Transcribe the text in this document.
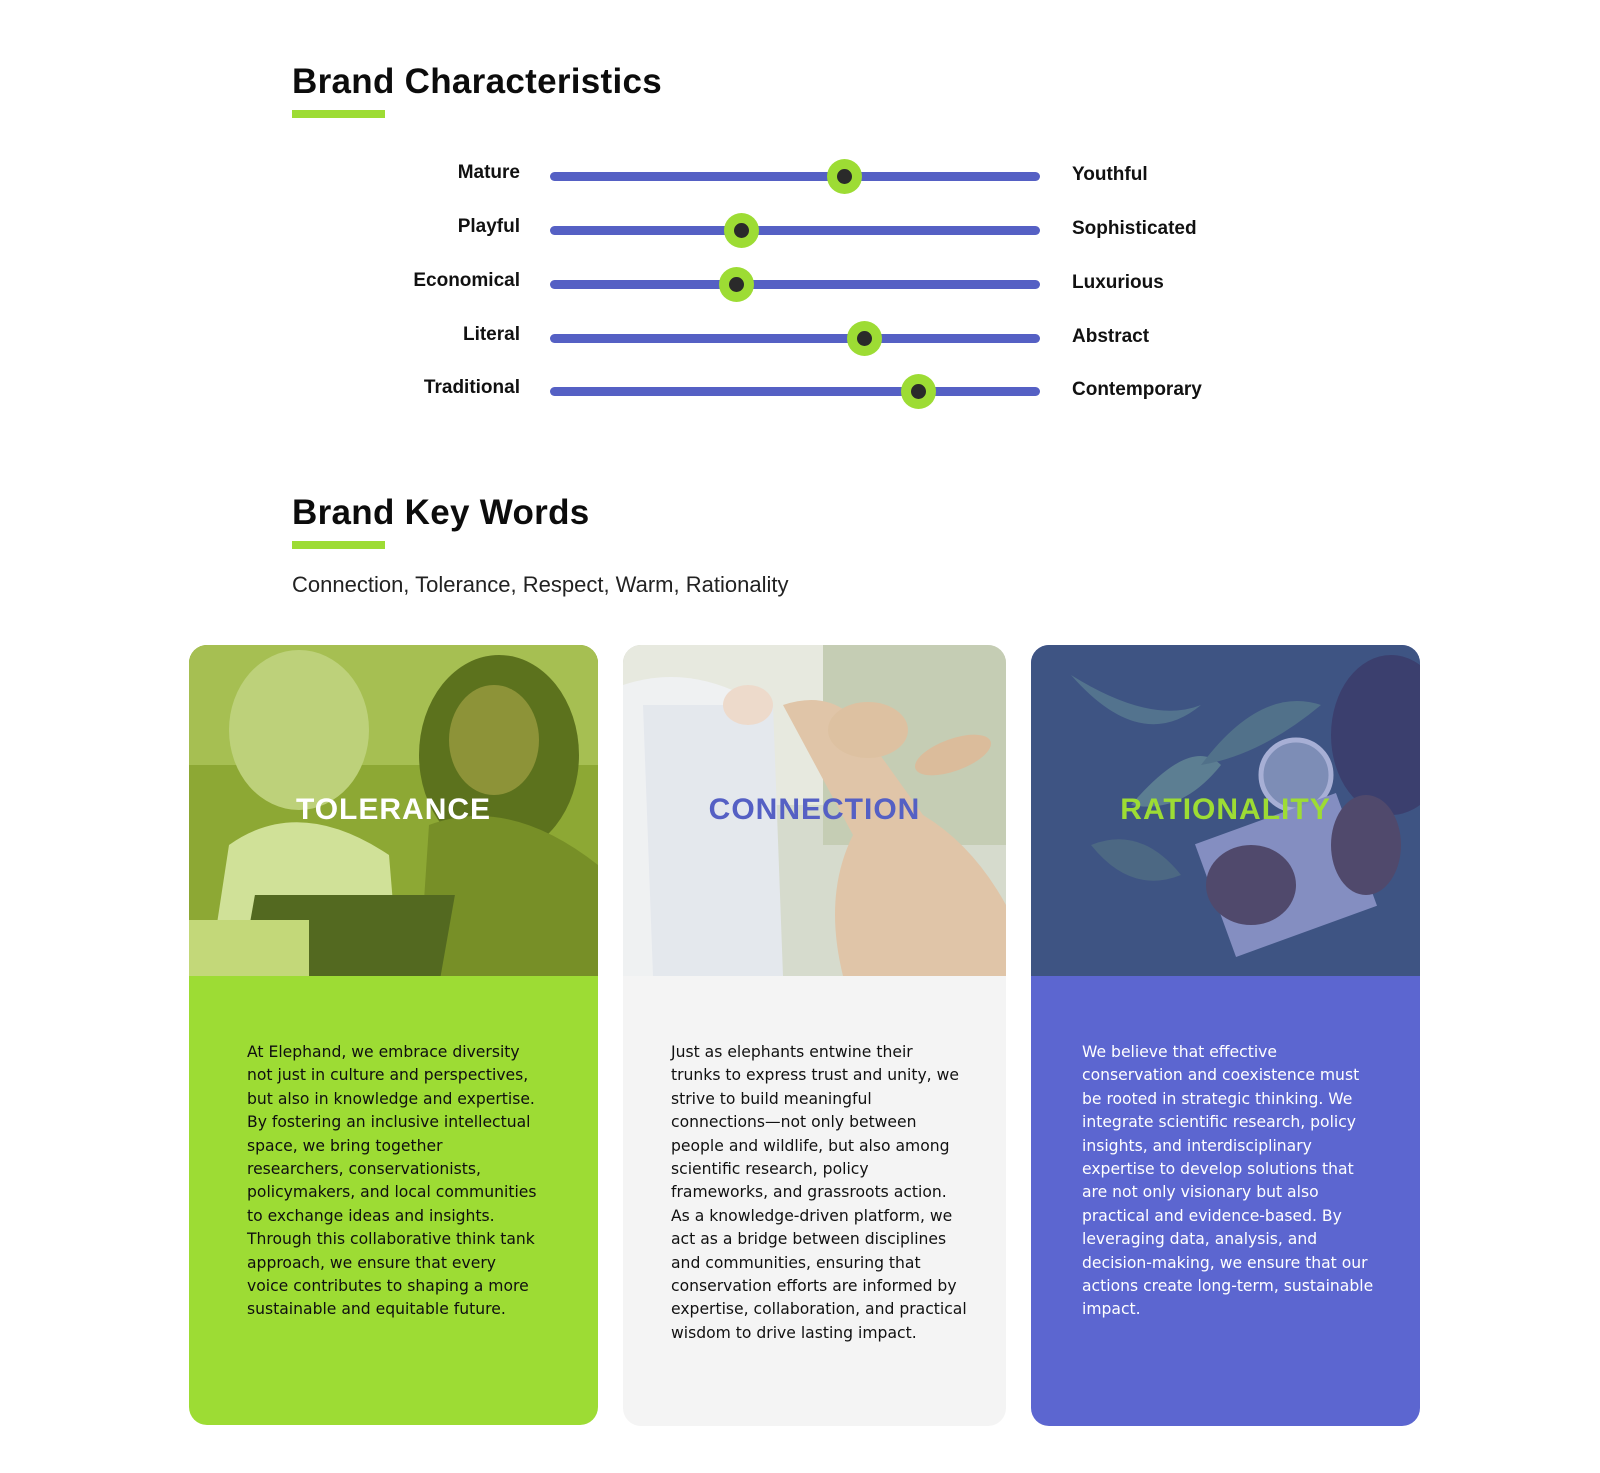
Brand Characteristics
Mature	Youthful
Playful	Sophisticated
Economical	Luxurious
Literal	Abstract
Traditional	Contemporary
Brand Key Words
Connection, Tolerance, Respect, Warm, Rationality
TOLERANCE
At Elephand, we embrace diversity not just in culture and perspectives, but also in knowledge and expertise. By fostering an inclusive intellectual space, we bring together researchers, conservationists, policymakers, and local communities to exchange ideas and insights. Through this collaborative think tank approach, we ensure that every voice contributes to shaping a more sustainable and equitable future.
CONNECTION
Just as elephants entwine their trunks to express trust and unity, we strive to build meaningful connections—not only between people and wildlife, but also among scientific research, policy frameworks, and grassroots action. As a knowledge-driven platform, we act as a bridge between disciplines and communities, ensuring that conservation efforts are informed by expertise, collaboration, and practical wisdom to drive lasting impact.
RATIONALITY
We believe that effective conservation and coexistence must be rooted in strategic thinking. We integrate scientific research, policy insights, and interdisciplinary expertise to develop solutions that are not only visionary but also practical and evidence-based. By leveraging data, analysis, and decision-making, we ensure that our actions create long-term, sustainable impact.
